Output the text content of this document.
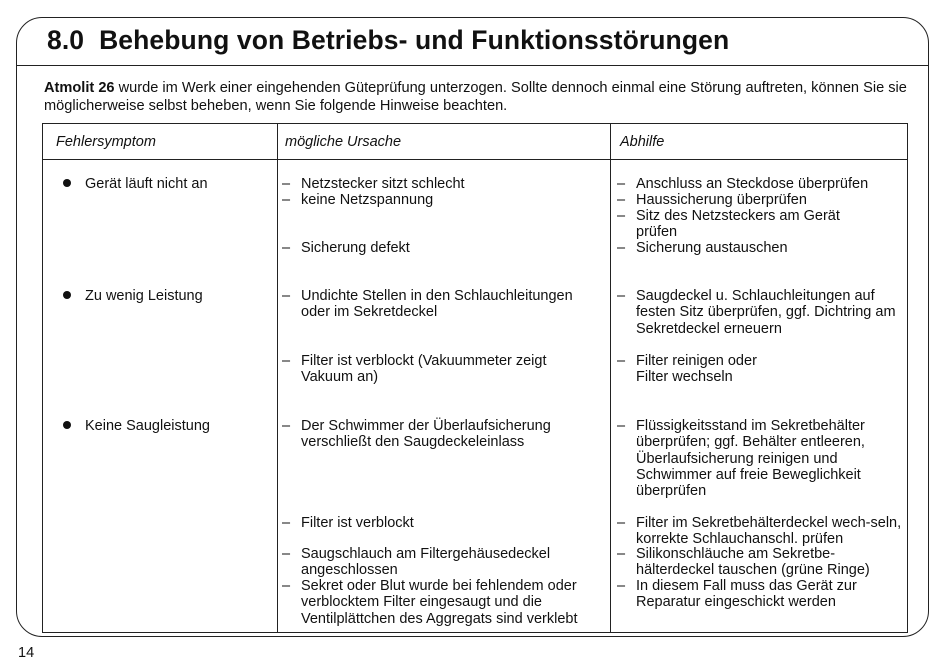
8.0  Behebung von Betriebs- und Funktionsstörungen

Atmolit 26 wurde im Werk einer eingehenden Güteprüfung unterzogen. Sollte dennoch einmal eine Störung auftreten, können Sie sie möglicherweise selbst beheben, wenn Sie folgende Hinweise beachten.

Fehlersymptom	mögliche Ursache	Abhilfe
Gerät läuft nicht an
Zu wenig Leistung
Keine Saugleistung
– Netzstecker sitzt schlecht
– keine Netzspannung
– Sicherung defekt
– Undichte Stellen in den Schlauchleitungen oder im Sekretdeckel
– Filter ist verblockt (Vakuummeter zeigt Vakuum an)
– Der Schwimmer der Überlaufsicherung verschließt den Saugdeckeleinlass
– Filter ist verblockt
– Saugschlauch am Filtergehäusedeckel angeschlossen
– Sekret oder Blut wurde bei fehlendem oder verblocktem Filter eingesaugt und die Ventilplättchen des Aggregats sind verklebt
– Anschluss an Steckdose überprüfen
– Haussicherung überprüfen
– Sitz des Netzsteckers am Gerät prüfen
– Sicherung austauschen
– Saugdeckel u. Schlauchleitungen auf festen Sitz überprüfen, ggf. Dichtring am Sekretdeckel erneuern
– Filter reinigen oder Filter wechseln
– Flüssigkeitsstand im Sekretbehälter überprüfen; ggf. Behälter entleeren, Überlaufsicherung reinigen und Schwimmer auf freie Beweglichkeit überprüfen
– Filter im Sekretbehälterdeckel wech-seln, korrekte Schlauchanschl. prüfen
– Silikonschläuche am Sekretbe-hälterdeckel tauschen (grüne Ringe)
– In diesem Fall muss das Gerät zur Reparatur eingeschickt werden
14
